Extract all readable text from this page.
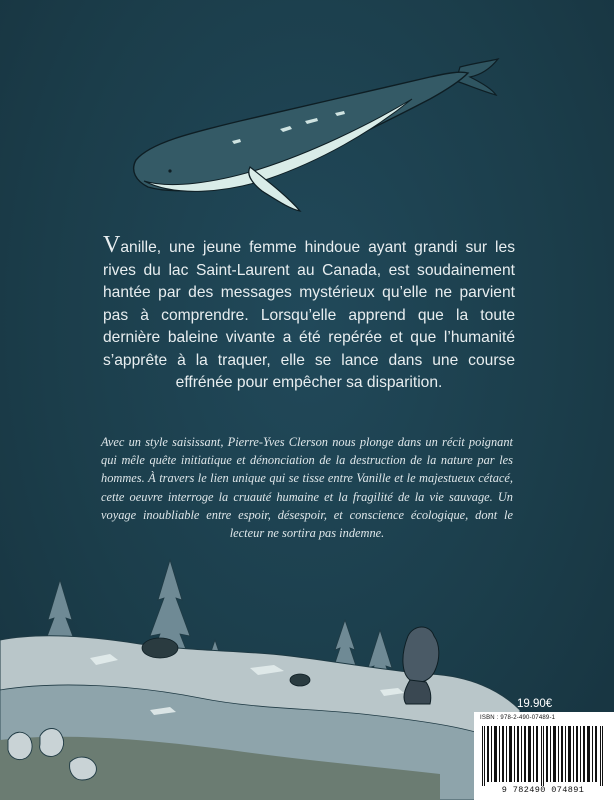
Vanille, une jeune femme hindoue ayant grandi sur les rives du lac Saint-Laurent au Canada, est soudainement hantée par des messages mystérieux qu’elle ne parvient pas à comprendre. Lorsqu’elle apprend que la toute dernière baleine vivante a été repérée et que l’humanité s’apprête à la traquer, elle se lance dans une course effrénée pour empêcher sa disparition.
Avec un style saisissant, Pierre-Yves Clerson nous plonge dans un récit poignant qui mêle quête initiatique et dénonciation de la destruction de la nature par les hommes. À travers le lien unique qui se tisse entre Vanille et le majestueux cétacé, cette oeuvre interroge la cruauté humaine et la fragilité de la vie sauvage. Un voyage inoubliable entre espoir, désespoir, et conscience écologique, dont le lecteur ne sortira pas indemne.
19.90€
ISBN : 978-2-490-07489-1
9 782490 074891
